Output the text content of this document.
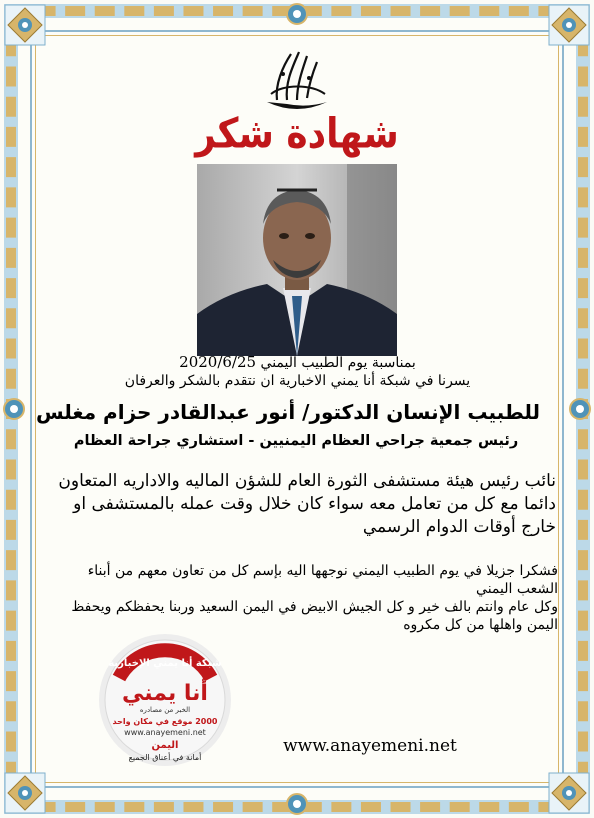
شهادة شكر
بمناسبة يوم الطبيب اليمني 2020/6/25
يسرنا في شبكة أنا يمني الاخبارية ان نتقدم بالشكر والعرفان
للطبيب الإنسان الدكتور/ أنور عبدالقادر حزام مغلس
رئيس جمعية جراحي العظام اليمنيين - استشاري جراحة العظام
نائب رئيس هيئة مستشفى الثورة العام للشؤن الماليه والاداريه المتعاون دائما مع كل من تعامل معه سواء كان خلال وقت عمله بالمستشفى او خارج أوقات الدوام الرسمي
فشكرا جزيلا في يوم الطبيب اليمني نوجهها اليه بإسم كل من تعاون معهم من أبناء الشعب اليمني
وكل عام وانتم بالف خير و كل الجيش الابيض في اليمن السعيد وربنا يحفظكم ويحفظ اليمن واهلها من كل مكروه
شبكة أنا يمني الإخبارية
أنا يمني
الخبر من مصادره
2000 موقع في مكان واحد
www.anayemeni.net
اليمن
أمانة في أعناق الجميع
www.anayemeni.net
